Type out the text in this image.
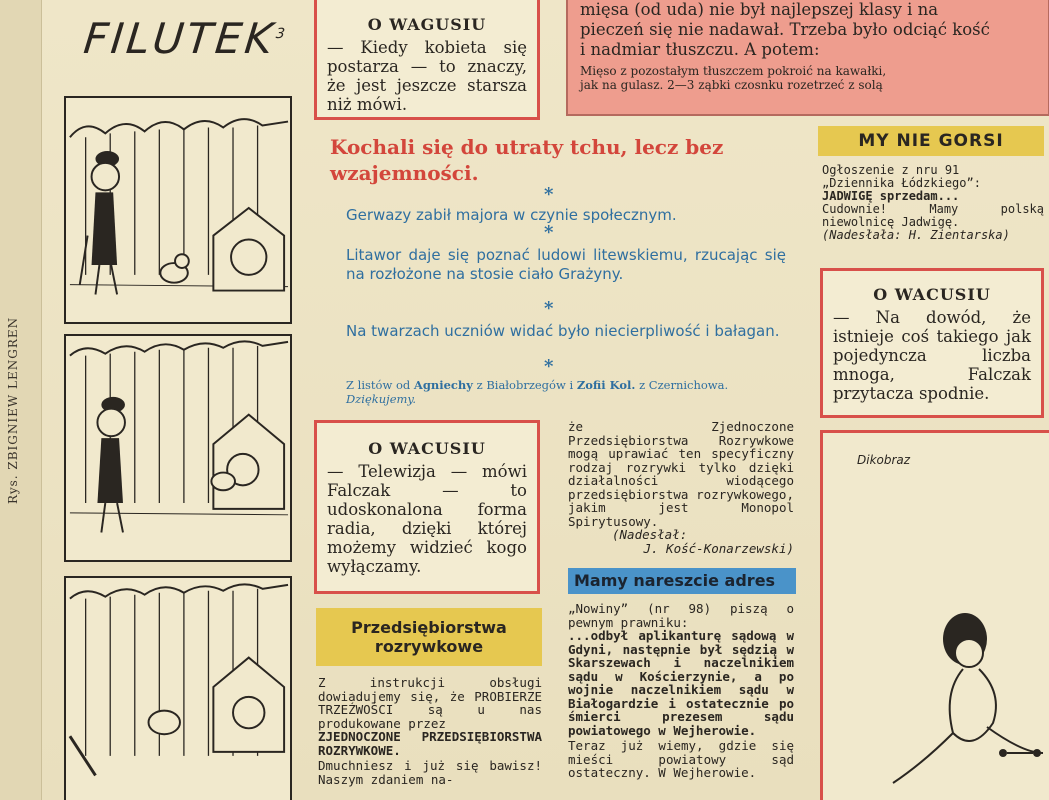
Rys. ZBIGNIEW LENGREN
FILUTEK$^3$	O WAGUSIU
— Kiedy kobieta się postarza — to znaczy, że jest jeszcze starsza niż mówi.
mięsa (od uda) nie był najlepszej klasy i na
pieczeń się nie nadawał. Trzeba było odciąć kość
i nadmiar tłuszczu. A potem:
Mięso z pozostałym tłuszczem pokroić na kawałki,
jak na gulasz. 2—3 ząbki czosnku rozetrzeć z solą
Kochali się do utraty tchu, lecz bez wzajemności.
*
Gerwazy zabił majora w czynie społecznym.
*
Litawor daje się poznać ludowi litewskiemu, rzucając się na rozłożone na stosie ciało Grażyny.
*
Na twarzach uczniów widać było niecierpliwość i bałagan.
*
Z listów od Agniechy z Białobrzegów i Zofii Kol. z Czernichowa. Dziękujemy.
MY NIE GORSI
Ogłoszenie z nru 91
„Dziennika Łódzkiego”:
JADWIGĘ sprzedam...
Cudownie! Mamy polską niewolnicę Jadwigę.
(Nadesłała: H. Zientarska)
O WACUSIU
— Na dowód, że istnieje coś takiego jak pojedyncza liczba mnoga, Falczak przytacza spodnie.
O WACUSIU
— Telewizja — mówi Falczak — to udoskonalona forma radia, dzięki której możemy widzieć kogo wyłączamy.
że Zjednoczone Przedsiębiorstwa Rozrywkowe mogą uprawiać ten specyficzny rodzaj rozrywki tylko dzięki działalności wiodącego przedsiębiorstwa rozrywkowego, jakim jest Monopol Spirytusowy.
(Nadesłał:
J. Kość-Konarzewski)
Przedsiębiorstwa
rozrywkowe
Z instrukcji obsługi dowiadujemy się, że PROBIERZE TRZEŹWOŚCI są u nas produkowane przez
ZJEDNOCZONE PRZEDSIĘBIORSTWA ROZRYWKOWE.
Dmuchniesz i już się bawisz! Naszym zdaniem na-
Mamy nareszcie adres
„Nowiny” (nr 98) piszą o pewnym prawniku:
...odbył aplikanturę sądową w Gdyni, następnie był sędzią w Skarszewach i naczelnikiem sądu w Kościerzynie, a po wojnie naczelnikiem sądu w Białogardzie i ostatecznie po śmierci prezesem sądu powiatowego w Wejherowie.
Teraz już wiemy, gdzie się mieści powiatowy sąd ostateczny. W Wejherowie.
Dikobraz
